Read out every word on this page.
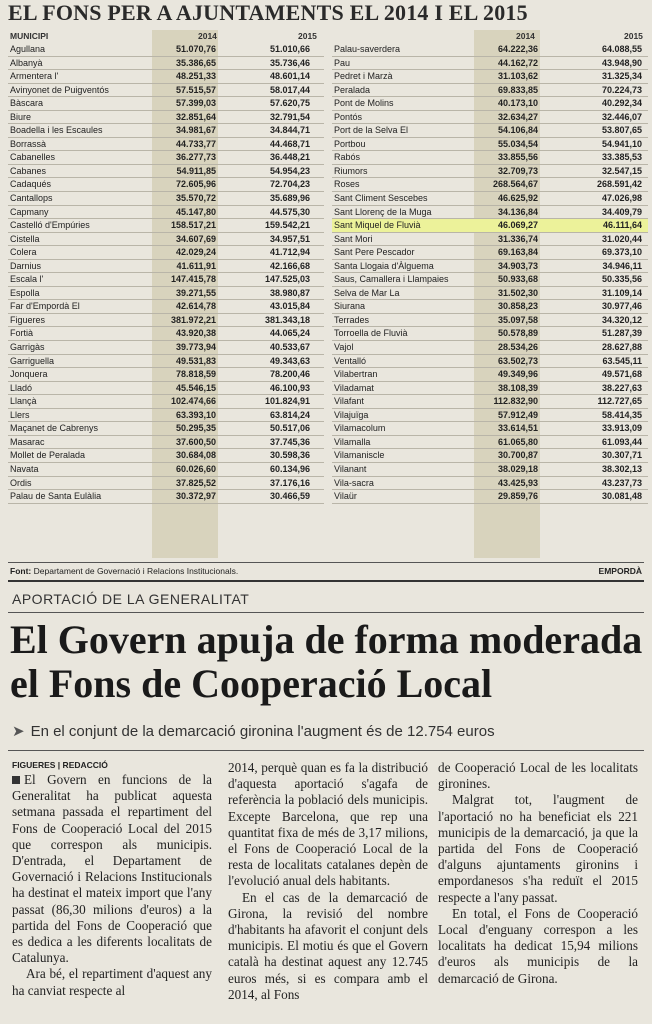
EL FONS PER A AJUNTAMENTS EL 2014 I EL 2015
MUNICIPI	2014	2015
Agullana	51.070,76	51.010,66
Albanyà	35.386,65	35.736,46
Armentera l'	48.251,33	48.601,14
Avinyonet de Puigventós	57.515,57	58.017,44
Bàscara	57.399,03	57.620,75
Biure	32.851,64	32.791,54
Boadella i les Escaules	34.981,67	34.844,71
Borrassà	44.733,77	44.468,71
Cabanelles	36.277,73	36.448,21
Cabanes	54.911,85	54.954,23
Cadaqués	72.605,96	72.704,23
Cantallops	35.570,72	35.689,96
Capmany	45.147,80	44.575,30
Castelló d'Empúries	158.517,21	159.542,21
Cistella	34.607,69	34.957,51
Colera	42.029,24	41.712,94
Darnius	41.611,91	42.166,68
Escala l'	147.415,78	147.525,03
Espolla	39.271,55	38.980,87
Far d'Empordà El	42.614,78	43.015,84
Figueres	381.972,21	381.343,18
Fortià	43.920,38	44.065,24
Garrigàs	39.773,94	40.533,67
Garriguella	49.531,83	49.343,63
Jonquera	78.818,59	78.200,46
Lladó	45.546,15	46.100,93
Llançà	102.474,66	101.824,91
Llers	63.393,10	63.814,24
Maçanet de Cabrenys	50.295,35	50.517,06
Masarac	37.600,50	37.745,36
Mollet de Peralada	30.684,08	30.598,36
Navata	60.026,60	60.134,96
Ordis	37.825,52	37.176,16
Palau de Santa Eulàlia	30.372,97	30.466,59
2014	2015
Palau-saverdera	64.222,36	64.088,55
Pau	44.162,72	43.948,90
Pedret i Marzà	31.103,62	31.325,34
Peralada	69.833,85	70.224,73
Pont de Molins	40.173,10	40.292,34
Pontós	32.634,27	32.446,07
Port de la Selva El	54.106,84	53.807,65
Portbou	55.034,54	54.941,10
Rabós	33.855,56	33.385,53
Riumors	32.709,73	32.547,15
Roses	268.564,67	268.591,42
Sant Climent Sescebes	46.625,92	47.026,98
Sant Llorenç de la Muga	34.136,84	34.409,79
Sant Miquel de Fluvià	46.069,27	46.111,64
Sant Mori	31.336,74	31.020,44
Sant Pere Pescador	69.163,84	69.373,10
Santa Llogaia d'Àlguema	34.903,73	34.946,11
Saus, Camallera i Llampaies	50.933,68	50.335,56
Selva de Mar La	31.502,30	31.109,14
Siurana	30.858,23	30.977,46
Terrades	35.097,58	34.320,12
Torroella de Fluvià	50.578,89	51.287,39
Vajol	28.534,26	28.627,88
Ventalló	63.502,73	63.545,11
Vilabertran	49.349,96	49.571,68
Viladamat	38.108,39	38.227,63
Vilafant	112.832,90	112.727,65
Vilajuïga	57.912,49	58.414,35
Vilamacolum	33.614,51	33.913,09
Vilamalla	61.065,80	61.093,44
Vilamaniscle	30.700,87	30.307,71
Vilanant	38.029,18	38.302,13
Vila-sacra	43.425,93	43.237,73
Vilaür	29.859,76	30.081,48
Font: Departament de Governació i Relacions Institucionals.	EMPORDÀ
APORTACIÓ DE LA GENERALITAT
El Govern apuja de forma moderada
el Fons de Cooperació Local
➤ En el conjunt de la demarcació gironina l'augment és de 12.754 euros
FIGUERES | REDACCIÓ

El Govern en funcions de la Generalitat ha publicat aquesta setmana passada el repartiment del Fons de Cooperació Local del 2015 que correspon als municipis. D'entrada, el Departament de Governació i Relacions Institucionals ha destinat el mateix import que l'any passat (86,30 milions d'euros) a la partida del Fons de Cooperació que es dedica a les diferents localitats de Catalunya.

Ara bé, el repartiment d'aquest any ha canviat respecte al

2014, perquè quan es fa la distribució d'aquesta aportació s'agafa de referència la població dels municipis. Excepte Barcelona, que rep una quantitat fixa de més de 3,17 milions, el Fons de Cooperació Local de la resta de localitats catalanes depèn de l'evolució anual dels habitants.

En el cas de la demarcació de Girona, la revisió del nombre d'habitants ha afavorit el conjunt dels municipis. El motiu és que el Govern català ha destinat aquest any 12.745 euros més, si es compara amb el 2014, al Fons

de Cooperació Local de les localitats gironines.

Malgrat tot, l'augment de l'aportació no ha beneficiat els 221 municipis de la demarcació, ja que la partida del Fons de Cooperació d'alguns ajuntaments gironins i empordanesos s'ha reduït el 2015 respecte a l'any passat.

En total, el Fons de Cooperació Local d'enguany correspon a les localitats ha dedicat 15,94 milions d'euros als municipis de la demarcació de Girona.
